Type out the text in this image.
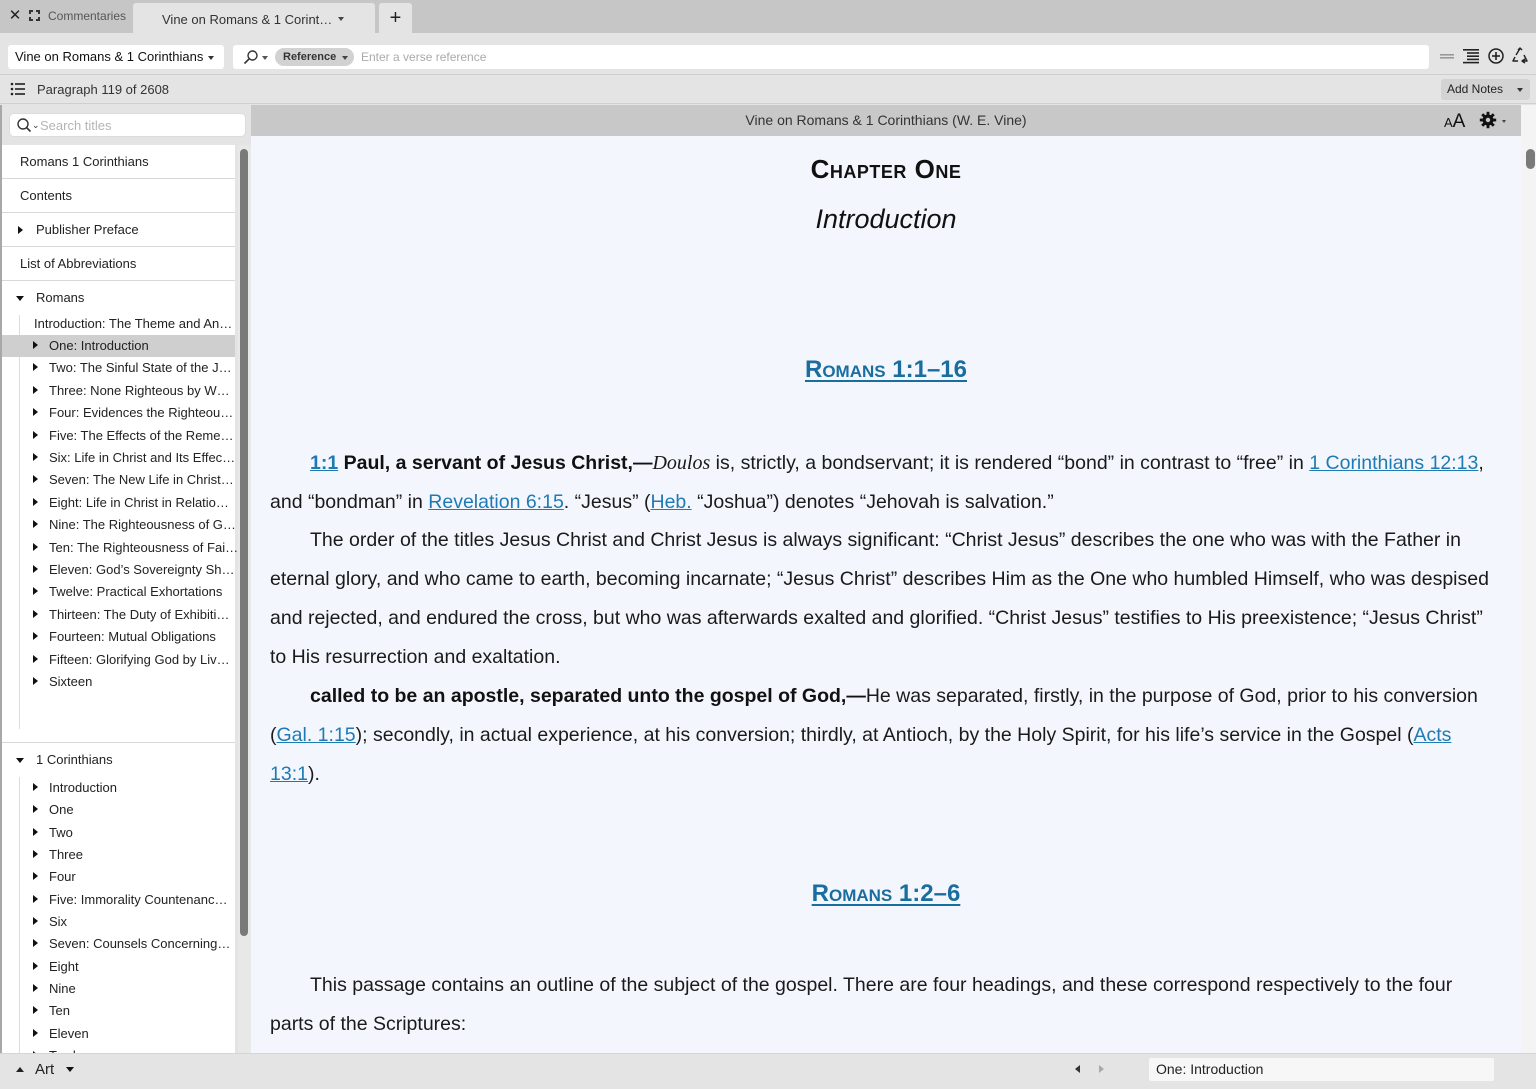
✕ Commentaries	Vine on Romans & 1 Corint…	+
Vine on Romans & 1 Corinthians	Reference
Enter a verse reference
Paragraph 119 of 2608	Add Notes
⌄
Search titles
Romans 1 Corinthians
Contents
Publisher Preface
List of Abbreviations
Romans
Introduction: The Theme and An…
One: Introduction
Two: The Sinful State of the J…
Three: None Righteous by W…
Four: Evidences the Righteou…
Five: The Effects of the Reme…
Six: Life in Christ and Its Effec…
Seven: The New Life in Christ…
Eight: Life in Christ in Relatio…
Nine: The Righteousness of G…
Ten: The Righteousness of Fai…
Eleven: God’s Sovereignty Sh…
Twelve: Practical Exhortations
Thirteen: The Duty of Exhibiti…
Fourteen: Mutual Obligations
Fifteen: Glorifying God by Liv…
Sixteen
1 Corinthians
Introduction
One
Two
Three
Four
Five: Immorality Countenanc…
Six
Seven: Counsels Concerning…
Eight
Nine
Ten
Eleven
Vine on Romans & 1 Corinthians (W. E. Vine)	AA
Chapter One
Introduction
Romans 1:1–16
1:1 Paul, a servant of Jesus Christ,—Doulos is, strictly, a bondservant; it is rendered “bond” in contrast to “free” in 1 Corinthians 12:13, and “bondman” in Revelation 6:15. “Jesus” (Heb. “Joshua”) denotes “Jehovah is salvation.”
The order of the titles Jesus Christ and Christ Jesus is always significant: “Christ Jesus” describes the one who was with the Father in eternal glory, and who came to earth, becoming incarnate; “Jesus Christ” describes Him as the One who humbled Himself, who was despised and rejected, and endured the cross, but who was afterwards exalted and glorified. “Christ Jesus” testifies to His preexistence; “Jesus Christ” to His resurrection and exaltation.
called to be an apostle, separated unto the gospel of God,—He was separated, firstly, in the purpose of God, prior to his conversion (Gal. 1:15); secondly, in actual experience, at his conversion; thirdly, at Antioch, by the Holy Spirit, for his life’s service in the Gospel (Acts 13:1).
Romans 1:2–6
This passage contains an outline of the subject of the gospel. There are four headings, and these correspond respectively to the four parts of the Scriptures:
Art	One: Introduction
